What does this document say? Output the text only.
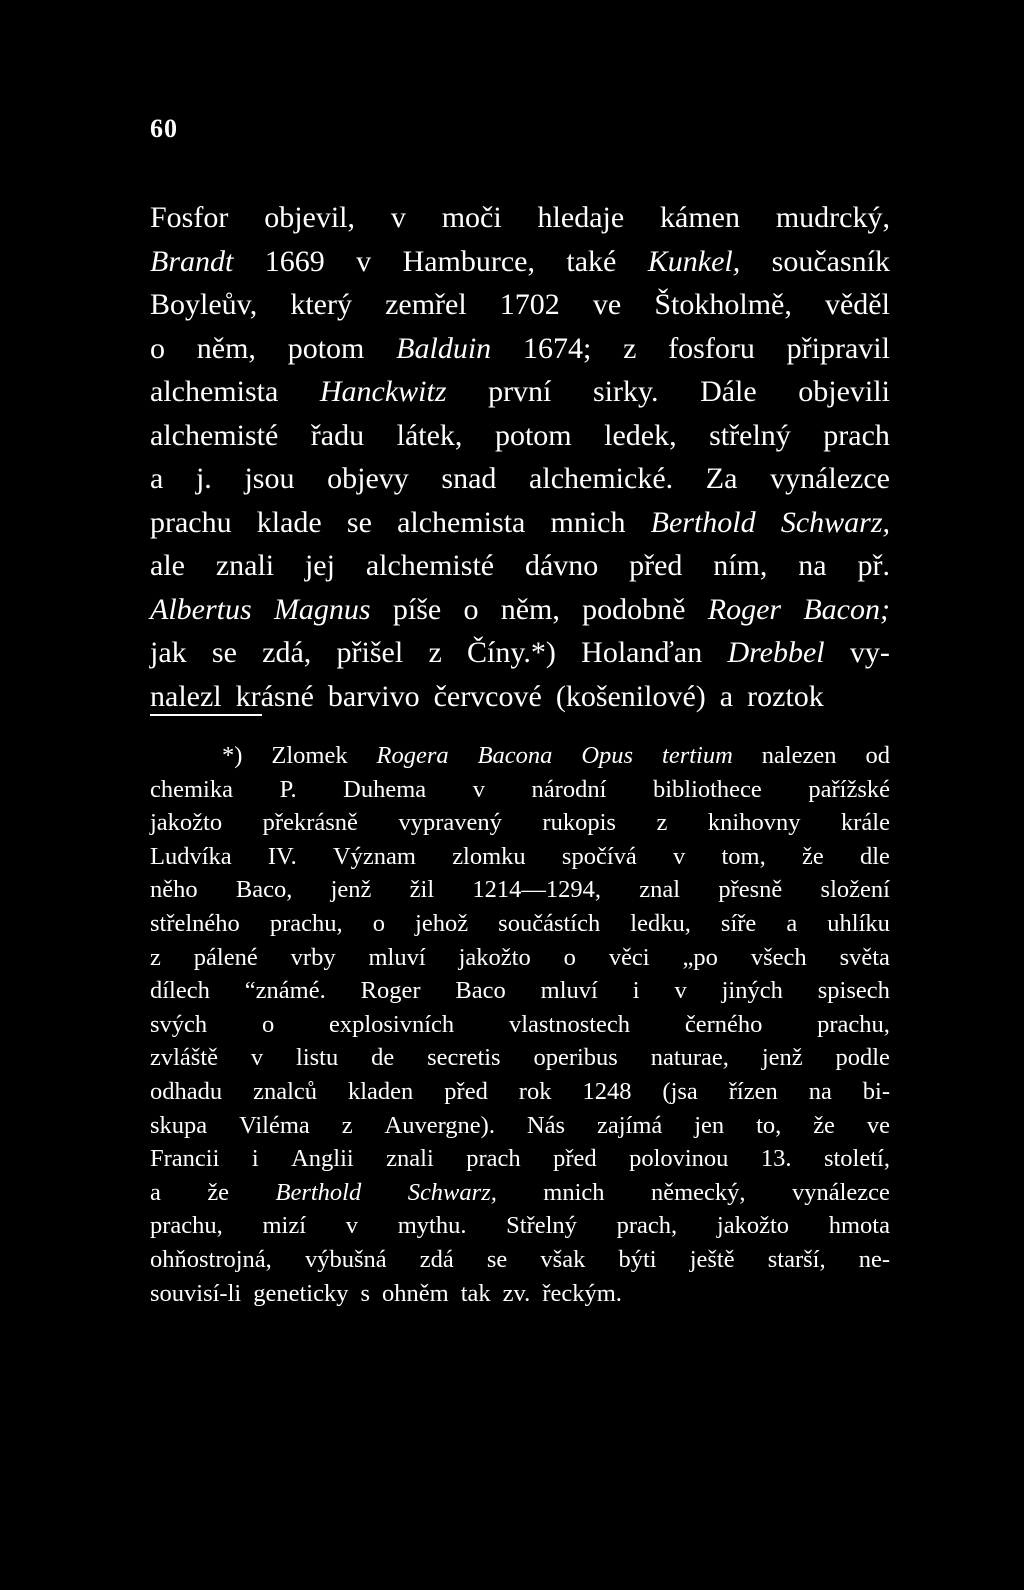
60
Fosfor objevil, v moči hledaje kámen mudrcký,
Brandt 1669 v Hamburce, také Kunkel, současník
Boyleův, který zemřel 1702 ve Štokholmě, věděl
o něm, potom Balduin 1674; z fosforu připravil
alchemista Hanckwitz první sirky. Dále objevili
alchemisté řadu látek, potom ledek, střelný prach
a j. jsou objevy snad alchemické. Za vynálezce
prachu klade se alchemista mnich Berthold Schwarz,
ale znali jej alchemisté dávno před ním, na př.
Albertus Magnus píše o něm, podobně Roger Bacon;
jak se zdá, přišel z Číny.*) Holanďan Drebbel vy-
nalezl krásné barvivo červcové (košenilové) a roztok
*) Zlomek Rogera Bacona Opus tertium nalezen od
chemika P. Duhema v národní bibliothece pařížské
jakožto překrásně vypravený rukopis z knihovny krále
Ludvíka IV. Význam zlomku spočívá v tom, že dle
něho Baco, jenž žil 1214—1294, znal přesně složení
střelného prachu, o jehož součástích ledku, síře a uhlíku
z pálené vrby mluví jakožto o věci „po všech světa
dílech “známé. Roger Baco mluví i v jiných spisech
svých o explosivních vlastnostech černého prachu,
zvláště v listu de secretis operibus naturae, jenž podle
odhadu znalců kladen před rok 1248 (jsa řízen na bi-
skupa Viléma z Auvergne). Nás zajímá jen to, že ve
Francii i Anglii znali prach před polovinou 13. století,
a že Berthold Schwarz, mnich německý, vynálezce
prachu, mizí v mythu. Střelný prach, jakožto hmota
ohňostrojná, výbušná zdá se však býti ještě starší, ne-
souvisí-li geneticky s ohněm tak zv. řeckým.
